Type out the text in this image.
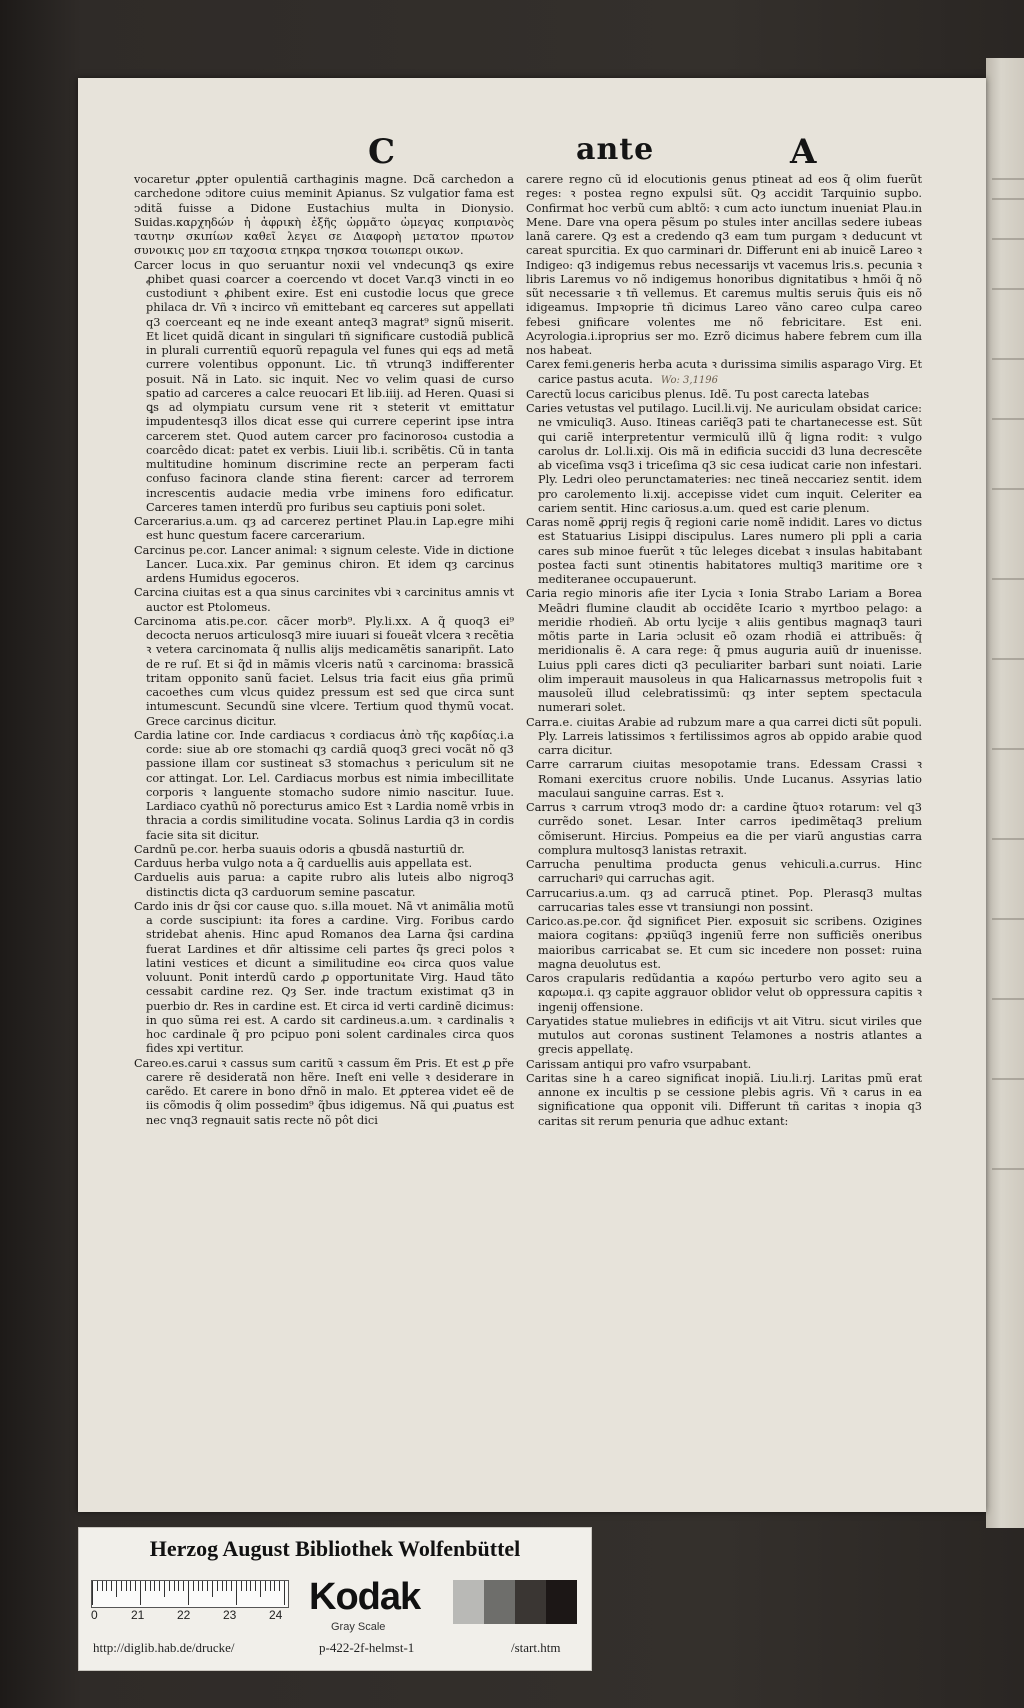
C	ante	A

vocaretur ꝓpter opulentiã carthaginis magne. Dcã carchedon a carchedone ↄditore cuius meminit Apianus. Sz vulgatior fama est ↄditã fuisse a Didone Eustachius multa in Dionysio. Suidas.καρχηδών ἡ ἀφρικὴ ἐξῆς ὠρμᾶτο ὠμεγας κυπριανὸς ταυτην σκιπίων καθεῖ λεγει σε Διαφορὴ μετατον πρωτον συνοικις μον επ ταχοσια ετηκρα τησκσα τοιωπερι οικων.

Carcer locus in quo seruantur noxii vel vndecunq3 ꝗs exire ꝓhibet quasi coarcer a coercendo vt docet Var.q3 vincti in eo custodiunt ꝛ ꝓhibent exire. Est eni custodie locus que grece philaca dr. Vñ ꝛ incirco vñ emittebant eq carceres sut appellati q3 coerceant eq ne inde exeant anteq3 magrat⁹ signũ miserit. Et licet quidã dicant in singulari tñ significare custodiã publicã in plurali currentiũ equorũ repagula vel funes qui eqs ad metã currere volentibus opponunt. Lic. tñ vtrunq3 indifferenter posuit. Nã in Lato. sic inquit. Nec vo velim quasi de curso spatio ad carceres a calce reuocari Et lib.iiij. ad Heren. Quasi si ꝗs ad olympiatu cursum vene rit ꝛ steterit vt emittatur impudentesq3 illos dicat esse qui currere ceperint ipse intra carcerem stet. Quod autem carcer pro facinoroso₄ custodia a coarcêdo dicat: patet ex verbis. Liuii lib.i. scribẽtis. Cũ in tanta multitudine hominum discrimine recte an perperam facti confuso facinora clande stina fierent: carcer ad terrorem increscentis audacie media vrbe iminens foro edificatur. Carceres tamen interdũ pro furibus seu captiuis poni solet.

Carcerarius.a.um. qȝ ad carcerez pertinet Plau.in Lap.egre mihi est hunc questum facere carcerarium.

Carcinus pe.cor. Lancer animal: ꝛ signum celeste. Vide in dictione Lancer. Luca.xix. Par geminus chiron. Et idem qȝ carcinus ardens Humidus egoceros.

Carcina ciuitas est a qua sinus carcinites vbi ꝛ carcinitus amnis vt auctor est Ptolomeus.

Carcinoma atis.pe.cor. cãcer morb⁹. Ply.li.xx. A q̃ quoq3 ei⁹ decocta neruos articulosq3 mire iuuari si foueãt vlcera ꝛ recẽtia ꝛ vetera carcinomata q̃ nullis alijs medicamẽtis sanaripñt. Lato de re ruſ. Et si q̃d in mãmis vlceris natũ ꝛ carcinoma: brassicã tritam opponito sanũ faciet. Lelsus tria facit eius gña primũ cacoethes cum vlcus quidez pressum est sed que circa sunt intumescunt. Secundũ sine vlcere. Tertium quod thymũ vocat. Grece carcinus dicitur.

Cardia latine cor. Inde cardiacus ꝛ cordiacus ἀπὸ τῆς καρδίας.i.a corde: siue ab ore stomachi qȝ cardiã quoq3 greci vocãt nõ q3 passione illam cor sustineat s3 stomachus ꝛ periculum sit ne cor attingat. Lor. Lel. Cardiacus morbus est nimia imbecillitate corporis ꝛ languente stomacho sudore nimio nascitur. Iuue. Lardiaco cyathũ nõ porecturus amico Est ꝛ Lardia nomẽ vrbis in thracia a cordis similitudine vocata. Solinus Lardia q3 in cordis facie sita sit dicitur.

Cardnũ pe.cor. herba suauis odoris a qbusdã nasturtiũ dr.

Carduus herba vulgo nota a q̃ carduellis auis appellata est.

Carduelis auis parua: a capite rubro alis luteis albo nigroq3 distinctis dicta q3 carduorum semine pascatur.

Cardo inis dr q̃si cor cause quo. s.illa mouet. Nã vt animãlia motũ a corde suscipiunt: ita fores a cardine. Virg. Foribus cardo stridebat ahenis. Hinc apud Romanos dea Larna q̃si cardina fuerat Lardines et dñr altissime celi partes q̃s greci polos ꝛ latini vestices et dicunt a similitudine eo₄ circa quos value voluunt. Ponit interdũ cardo ꝓ opportunitate Virg. Haud tãto cessabit cardine rez. Qȝ Ser. inde tractum existimat q3 in puerbio dr. Res in cardine est. Et circa id verti cardinẽ dicimus: in quo sũma rei est. A cardo sit cardineus.a.um. ꝛ cardinalis ꝛ hoc cardinale q̃ pro pcipuo poni solent cardinales circa quos fides xpi vertitur.

Careo.es.carui ꝛ cassus sum caritũ ꝛ cassum ẽm Pris. Et est ꝓ pr̃e carere rẽ desideratã non hẽre. Ineſt eni velle ꝛ desiderare in carẽdo. Et carere in bono dr̃nõ in malo. Et ꝓpterea videt eẽ de iis cõmodis q̃ olim possedim⁹ q̃bus idigemus. Nã qui ꝓuatus est nec vnq3 regnauit satis recte nõ pôt dici

carere regno cũ id elocutionis genus ptineat ad eos q̃ olim fuerũt reges: ꝛ postea regno expulsi sũt. Qȝ accidit Tarquinio supbo. Confirmat hoc verbũ cum abltõ: ꝛ cum acto iunctum inueniat Plau.in Mene. Dare vna opera pẽsum po stules inter ancillas sedere iubeas lanã carere. Qȝ est a credendo q3 eam tum purgam ꝛ deducunt vt careat spurcitia. Ex quo carminari dr. Differunt eni ab inuicẽ Lareo ꝛ Indigeo: q3 indigemus rebus necessarijs vt vacemus lris.s. pecunia ꝛ libris Laremus vo nõ indigemus honoribus dignitatibus ꝛ hmõi q̃ nõ sũt necessarie ꝛ tñ vellemus. Et caremus multis seruis q̃uis eis nõ idigeamus. Impꝛoprie tñ dicimus Lareo vãno careo culpa careo febesi gnificare volentes me nõ febricitare. Est eni. Acyrologia.i.iproprius ser mo. Ezrõ dicimus habere febrem cum illa nos habeat.

Carex femi.generis herba acuta ꝛ durissima similis asparago Virg. Et carice pastus acuta. Wo: 3,1196

Carectũ locus caricibus plenus. Idẽ. Tu post carecta latebas

Caries vetustas vel putilago. Lucil.li.vij. Ne auriculam obsidat carice: ne vmiculiq3. Auso. Itineas cariẽq3 pati te chartanecesse est. Sũt qui cariẽ interpretentur vermiculũ illũ q̃ ligna rodit: ꝛ vulgo carolus dr. Lol.li.xij. Ois mã in edificia succidi d3 luna decrescẽte ab viceſima vsq3 i triceſima q3 sic cesa iudicat carie non infestari. Ply. Ledri oleo perunctamateries: nec tineã neccariez sentit. idem pro carolemento li.xij. accepisse videt cum inquit. Celeriter ea cariem sentit. Hinc cariosus.a.um. qued est carie plenum.

Caras nomẽ ꝓprij regis q̃ regioni carie nomẽ indidit. Lares vo dictus est Statuarius Lisippi discipulus. Lares numero pli ppli a caria cares sub minoe fuerũt ꝛ tũc leleges dicebat ꝛ insulas habitabant postea facti sunt ↄtinentis habitatores multiq3 maritime ore ꝛ mediteranee occupauerunt.

Caria regio minoris afie iter Lycia ꝛ Ionia Strabo Lariam a Borea Meãdri flumine claudit ab occidẽte Icario ꝛ myrtboo pelago: a meridie rhodieñ. Ab ortu lycije ꝛ aliis gentibus magnaq3 tauri mõtis parte in Laria ↄclusit eõ ozam rhodiã ei attribuẽs: q̃ meridionalis ẽ. A cara rege: q̃ pmus auguria auiũ dr inuenisse. Luius ppli cares dicti q3 peculiariter barbari sunt noiati. Larie olim imperauit mausoleus in qua Halicarnassus metropolis fuit ꝛ mausoleũ illud celebratissimũ: qȝ inter septem spectacula numerari solet.

Carra.e. ciuitas Arabie ad rubzum mare a qua carrei dicti sũt populi. Ply. Larreis latissimos ꝛ fertilissimos agros ab oppido arabie quod carra dicitur.

Carre carrarum ciuitas mesopotamie trans. Edessam Crassi ꝛ Romani exercitus cruore nobilis. Unde Lucanus. Assyrias latio maculaui sanguine carras. Est ꝛ.

Carrus ꝛ carrum vtroq3 modo dr: a cardine q̃tuoꝛ rotarum: vel q3 currẽdo sonet. Lesar. Inter carros ipedimẽtaq3 prelium cõmiserunt. Hircius. Pompeius ea die per viarũ angustias carra complura multosq3 lanistas retraxit.

Carrucha penultima producta genus vehiculi.a.currus. Hinc carruchariꝰ qui carruchas agit.

Carrucarius.a.um. qȝ ad carrucã ptinet. Pop. Plerasq3 multas carrucarias tales esse vt transiungi non possint.

Carico.as.pe.cor. q̃d significet Pier. exposuit sic scribens. Ozigines maiora cogitans: ꝓpꝛiũq3 ingeniũ ferre non sufficiẽs oneribus maioribus carricabat se. Et cum sic incedere non posset: ruina magna deuolutus est.

Caros crapularis redũdantia a καρόω perturbo vero agito seu a καρωμα.i. qȝ capite aggrauor oblidor velut ob oppressura capitis ꝛ ingenij offensione.

Caryatides statue muliebres in edificijs vt ait Vitru. sicut viriles que mutulos aut coronas sustinent Telamones a nostris atlantes a grecis appellatę.

Carissam antiqui pro vafro vsurpabant.

Caritas sine h a careo significat inopiã. Liu.li.rj. Laritas pmũ erat annone ex incultis p se cessione plebis agris. Vñ ꝛ carus in ea significatione qua opponit vili. Differunt tñ caritas ꝛ inopia q3 caritas sit rerum penuria que adhuc extant:

Herzog August Bibliothek Wolfenbüttel
0	21	22	23	24 Kodak
Gray Scale
http://diglib.hab.de/drucke/	p-422-2f-helmst-1	/start.htm
